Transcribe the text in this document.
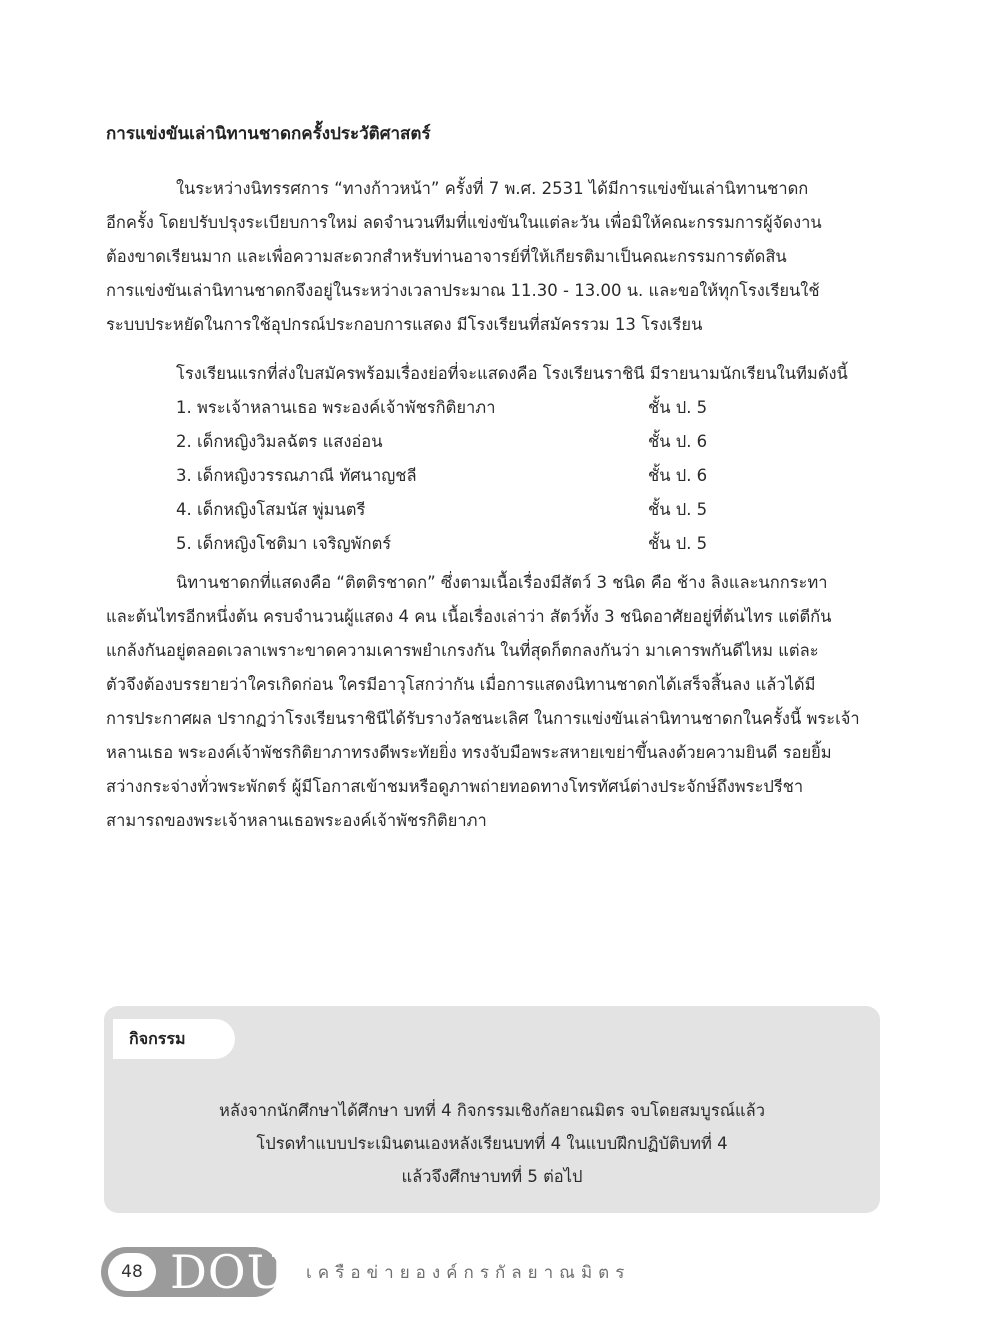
การแข่งขันเล่านิทานชาดกครั้งประวัติศาสตร์
ในระหว่างนิทรรศการ “ทางก้าวหน้า” ครั้งที่ 7 พ.ศ. 2531 ได้มีการแข่งขันเล่านิทานชาดก
อีกครั้ง โดยปรับปรุงระเบียบการใหม่ ลดจำนวนทีมที่แข่งขันในแต่ละวัน เพื่อมิให้คณะกรรมการผู้จัดงาน
ต้องขาดเรียนมาก และเพื่อความสะดวกสำหรับท่านอาจารย์ที่ให้เกียรติมาเป็นคณะกรรมการตัดสิน
การแข่งขันเล่านิทานชาดกจึงอยู่ในระหว่างเวลาประมาณ 11.30 - 13.00 น. และขอให้ทุกโรงเรียนใช้
ระบบประหยัดในการใช้อุปกรณ์ประกอบการแสดง มีโรงเรียนที่สมัครรวม 13 โรงเรียน
โรงเรียนแรกที่ส่งใบสมัครพร้อมเรื่องย่อที่จะแสดงคือ โรงเรียนราชินี มีรายนามนักเรียนในทีมดังนี้
1. พระเจ้าหลานเธอ พระองค์เจ้าพัชรกิติยาภา	ชั้น ป. 5
2. เด็กหญิงวิมลฉัตร แสงอ่อน	ชั้น ป. 6
3. เด็กหญิงวรรณภาณี ทัศนาญชลี	ชั้น ป. 6
4. เด็กหญิงโสมนัส พู่มนตรี	ชั้น ป. 5
5. เด็กหญิงโชติมา เจริญพักตร์	ชั้น ป. 5
นิทานชาดกที่แสดงคือ “ติตติรชาดก” ซึ่งตามเนื้อเรื่องมีสัตว์ 3 ชนิด คือ ช้าง ลิงและนกกระทา
และต้นไทรอีกหนึ่งต้น ครบจำนวนผู้แสดง 4 คน เนื้อเรื่องเล่าว่า สัตว์ทั้ง 3 ชนิดอาศัยอยู่ที่ต้นไทร แต่ตีกัน
แกล้งกันอยู่ตลอดเวลาเพราะขาดความเคารพยำเกรงกัน ในที่สุดก็ตกลงกันว่า มาเคารพกันดีไหม แต่ละ
ตัวจึงต้องบรรยายว่าใครเกิดก่อน ใครมีอาวุโสกว่ากัน เมื่อการแสดงนิทานชาดกได้เสร็จสิ้นลง แล้วได้มี
การประกาศผล ปรากฏว่าโรงเรียนราชินีได้รับรางวัลชนะเลิศ ในการแข่งขันเล่านิทานชาดกในครั้งนี้ พระเจ้า
หลานเธอ พระองค์เจ้าพัชรกิติยาภาทรงดีพระทัยยิ่ง ทรงจับมือพระสหายเขย่าขึ้นลงด้วยความยินดี รอยยิ้ม
สว่างกระจ่างทั่วพระพักตร์ ผู้มีโอกาสเข้าชมหรือดูภาพถ่ายทอดทางโทรทัศน์ต่างประจักษ์ถึงพระปรีชา
สามารถของพระเจ้าหลานเธอพระองค์เจ้าพัชรกิติยาภา
กิจกรรม
หลังจากนักศึกษาได้ศึกษา บทที่ 4 กิจกรรมเชิงกัลยาณมิตร จบโดยสมบูรณ์แล้ว
โปรดทำแบบประเมินตนเองหลังเรียนบทที่ 4 ในแบบฝึกปฏิบัติบทที่ 4
แล้วจึงศึกษาบทที่ 5 ต่อไป
48 DOU เครือข่ายองค์กรกัลยาณมิตร
